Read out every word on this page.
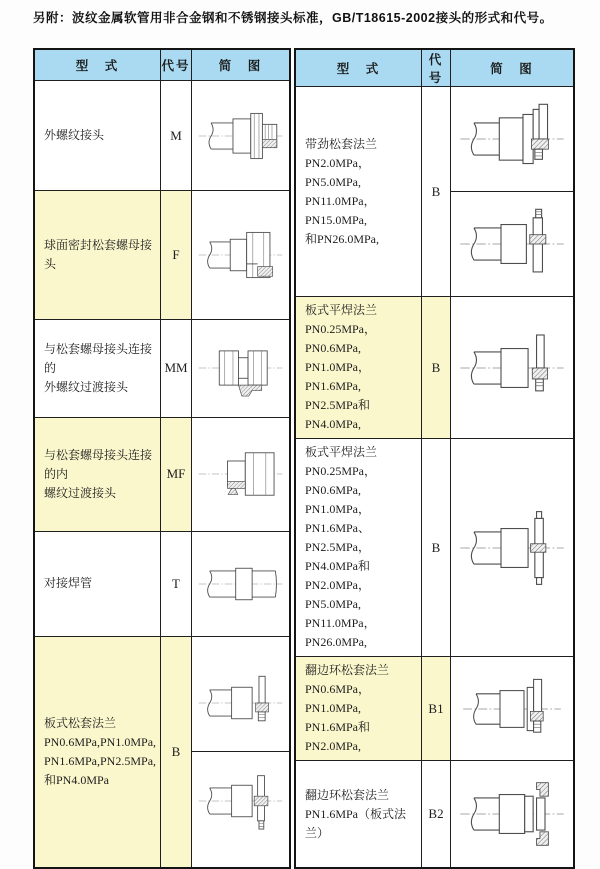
另附：波纹金属软管用非合金钢和不锈钢接头标准，GB/T18615-2002接头的形式和代号。
型　式	代号	简　图

外螺纹接头	M	

球面密封松套螺母接头	F	

与松套螺母接头连接的
外螺纹过渡接头	MM	

与松套螺母接头连接的内
螺纹过渡接头	MF	

对接焊管	T	

板式松套法兰
PN0.6MPa,PN1.0MPa,
PN1.6MPa,PN2.5MPa,
和PN4.0MPa	B	
型　式	代号	简　图

带劲松套法兰
PN2.0MPa，PN5.0MPa,
PN11.0MPa，PN15.0MPa,
和PN26.0MPa,	B	

板式平焊法兰
PN0.25MPa，PN0.6MPa,
PN1.0MPa，PN1.6MPa,
PN2.5MPa和PN4.0MPa,	B	

板式平焊法兰
PN0.25MPa，PN0.6MPa,
PN1.0MPa，PN1.6MPa、
PN2.5MPa，PN4.0MPa和
PN2.0MPa，PN5.0MPa,
PN11.0MPa，PN26.0MPa,
	B	

翻边环松套法兰
PN0.6MPa，PN1.0MPa,
PN1.6MPa和PN2.0MPa,	B1	

翻边环松套法兰
PN1.6MPa（板式法兰）	B2	
